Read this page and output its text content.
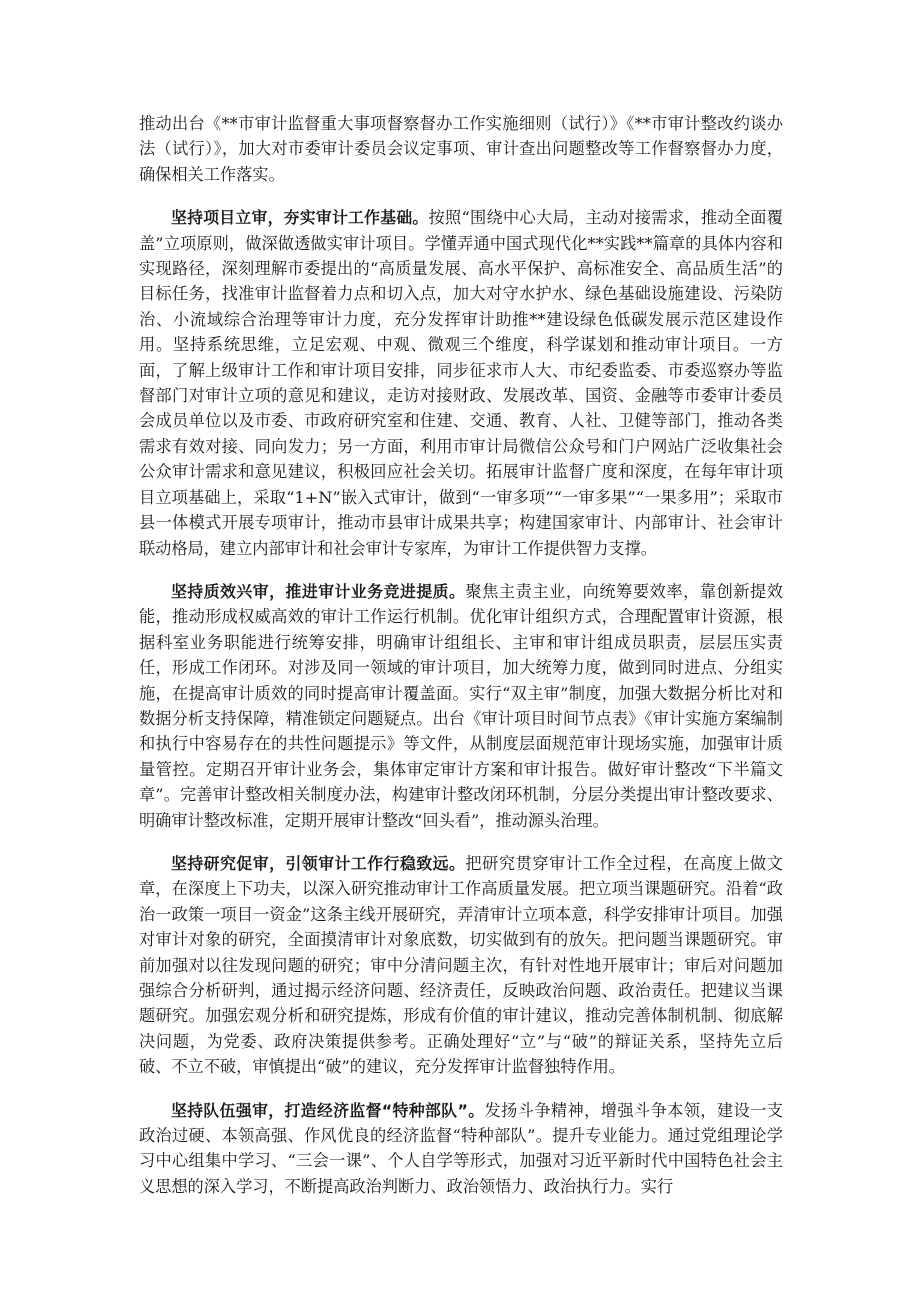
推动出台《**市审计监督重大事项督察督办工作实施细则（试行）》《**市审计整改约谈办法（试行）》，加大对市委审计委员会议定事项、审计查出问题整改等工作督察督办力度，确保相关工作落实。

坚持项目立审，夯实审计工作基础。按照“围绕中心大局，主动对接需求，推动全面覆盖”立项原则，做深做透做实审计项目。学懂弄通中国式现代化**实践**篇章的具体内容和实现路径，深刻理解市委提出的“高质量发展、高水平保护、高标准安全、高品质生活”的目标任务，找准审计监督着力点和切入点，加大对守水护水、绿色基础设施建设、污染防治、小流域综合治理等审计力度，充分发挥审计助推**建设绿色低碳发展示范区建设作用。坚持系统思维，立足宏观、中观、微观三个维度，科学谋划和推动审计项目。一方面，了解上级审计工作和审计项目安排，同步征求市人大、市纪委监委、市委巡察办等监督部门对审计立项的意见和建议，走访对接财政、发展改革、国资、金融等市委审计委员会成员单位以及市委、市政府研究室和住建、交通、教育、人社、卫健等部门，推动各类需求有效对接、同向发力；另一方面，利用市审计局微信公众号和门户网站广泛收集社会公众审计需求和意见建议，积极回应社会关切。拓展审计监督广度和深度，在每年审计项目立项基础上，采取“1+N”嵌入式审计，做到“一审多项”“一审多果”“一果多用”；采取市县一体模式开展专项审计，推动市县审计成果共享；构建国家审计、内部审计、社会审计联动格局，建立内部审计和社会审计专家库，为审计工作提供智力支撑。

坚持质效兴审，推进审计业务竞进提质。聚焦主责主业，向统筹要效率，靠创新提效能，推动形成权威高效的审计工作运行机制。优化审计组织方式，合理配置审计资源，根据科室业务职能进行统筹安排，明确审计组组长、主审和审计组成员职责，层层压实责任，形成工作闭环。对涉及同一领域的审计项目，加大统筹力度，做到同时进点、分组实施，在提高审计质效的同时提高审计覆盖面。实行“双主审”制度，加强大数据分析比对和数据分析支持保障，精准锁定问题疑点。出台《审计项目时间节点表》《审计实施方案编制和执行中容易存在的共性问题提示》等文件，从制度层面规范审计现场实施，加强审计质量管控。定期召开审计业务会，集体审定审计方案和审计报告。做好审计整改“下半篇文章”。完善审计整改相关制度办法，构建审计整改闭环机制，分层分类提出审计整改要求、明确审计整改标准，定期开展审计整改“回头看”，推动源头治理。

坚持研究促审，引领审计工作行稳致远。把研究贯穿审计工作全过程，在高度上做文章，在深度上下功夫，以深入研究推动审计工作高质量发展。把立项当课题研究。沿着“政治一政策一项目一资金”这条主线开展研究，弄清审计立项本意，科学安排审计项目。加强对审计对象的研究，全面摸清审计对象底数，切实做到有的放矢。把问题当课题研究。审前加强对以往发现问题的研究；审中分清问题主次，有针对性地开展审计；审后对问题加强综合分析研判，通过揭示经济问题、经济责任，反映政治问题、政治责任。把建议当课题研究。加强宏观分析和研究提炼，形成有价值的审计建议，推动完善体制机制、彻底解决问题，为党委、政府决策提供参考。正确处理好“立”与“破”的辩证关系，坚持先立后破、不立不破，审慎提出“破”的建议，充分发挥审计监督独特作用。

坚持队伍强审，打造经济监督“特种部队”。发扬斗争精神，增强斗争本领，建设一支政治过硬、本领高强、作风优良的经济监督“特种部队”。提升专业能力。通过党组理论学习中心组集中学习、“三会一课”、个人自学等形式，加强对习近平新时代中国特色社会主义思想的深入学习，不断提高政治判断力、政治领悟力、政治执行力。实行
